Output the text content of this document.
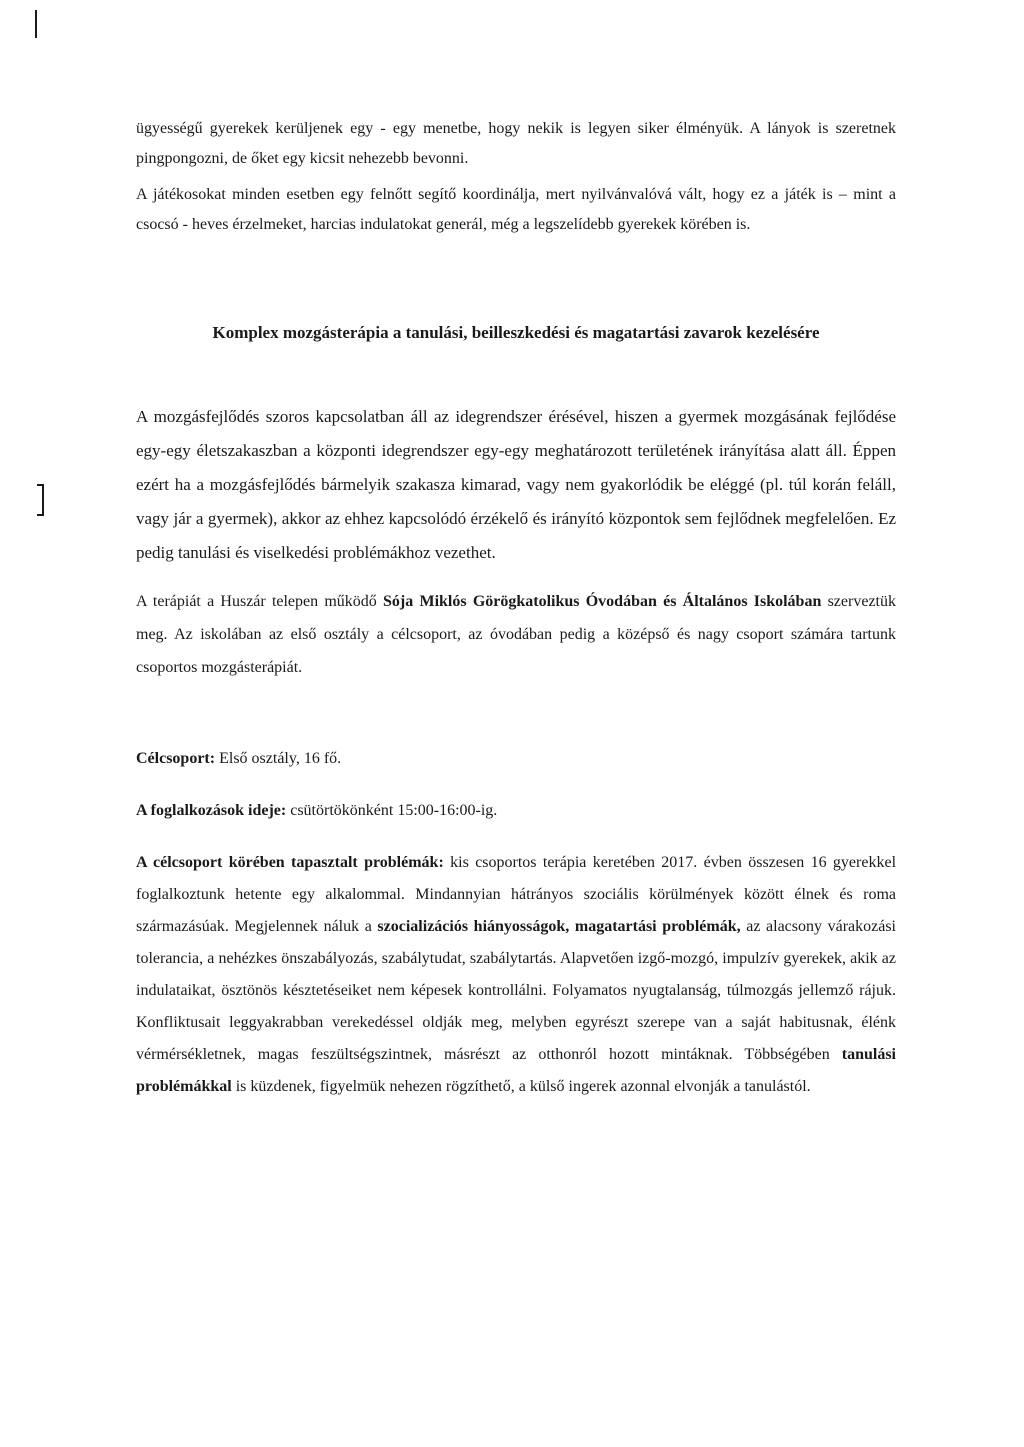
ügyességű gyerekek kerüljenek egy - egy menetbe, hogy nekik is legyen siker élményük. A lányok is szeretnek pingpongozni, de őket egy kicsit nehezebb bevonni.

A játékosokat minden esetben egy felnőtt segítő koordinálja, mert nyilvánvalóvá vált, hogy ez a játék is – mint a csocsó - heves érzelmeket, harcias indulatokat generál, még a legszelídebb gyerekek körében is.

Komplex mozgásterápia a tanulási, beilleszkedési és magatartási zavarok kezelésére

A mozgásfejlődés szoros kapcsolatban áll az idegrendszer érésével, hiszen a gyermek mozgásának fejlődése egy-egy életszakaszban a központi idegrendszer egy-egy meghatározott területének irányítása alatt áll. Éppen ezért ha a mozgásfejlődés bármelyik szakasza kimarad, vagy nem gyakorlódik be eléggé (pl. túl korán feláll, vagy jár a gyermek), akkor az ehhez kapcsolódó érzékelő és irányító központok sem fejlődnek megfelelően. Ez pedig tanulási és viselkedési problémákhoz vezethet.

A terápiát a Huszár telepen működő Sója Miklós Görögkatolikus Óvodában és Általános Iskolában szerveztük meg. Az iskolában az első osztály a célcsoport, az óvodában pedig a középső és nagy csoport számára tartunk csoportos mozgásterápiát.

Célcsoport: Első osztály, 16 fő.

A foglalkozások ideje: csütörtökönként 15:00-16:00-ig.

A célcsoport körében tapasztalt problémák: kis csoportos terápia keretében 2017. évben összesen 16 gyerekkel foglalkoztunk hetente egy alkalommal. Mindannyian hátrányos szociális körülmények között élnek és roma származásúak. Megjelennek náluk a szocializációs hiányosságok, magatartási problémák, az alacsony várakozási tolerancia, a nehézkes önszabályozás, szabálytudat, szabálytartás. Alapvetően izgő-mozgó, impulzív gyerekek, akik az indulataikat, ösztönös késztetéseiket nem képesek kontrollálni. Folyamatos nyugtalanság, túlmozgás jellemző rájuk. Konfliktusait leggyakrabban verekedéssel oldják meg, melyben egyrészt szerepe van a saját habitusnak, élénk vérmérsékletnek, magas feszültségszintnek, másrészt az otthonról hozott mintáknak. Többségében tanulási problémákkal is küzdenek, figyelmük nehezen rögzíthető, a külső ingerek azonnal elvonják a tanulástól.
